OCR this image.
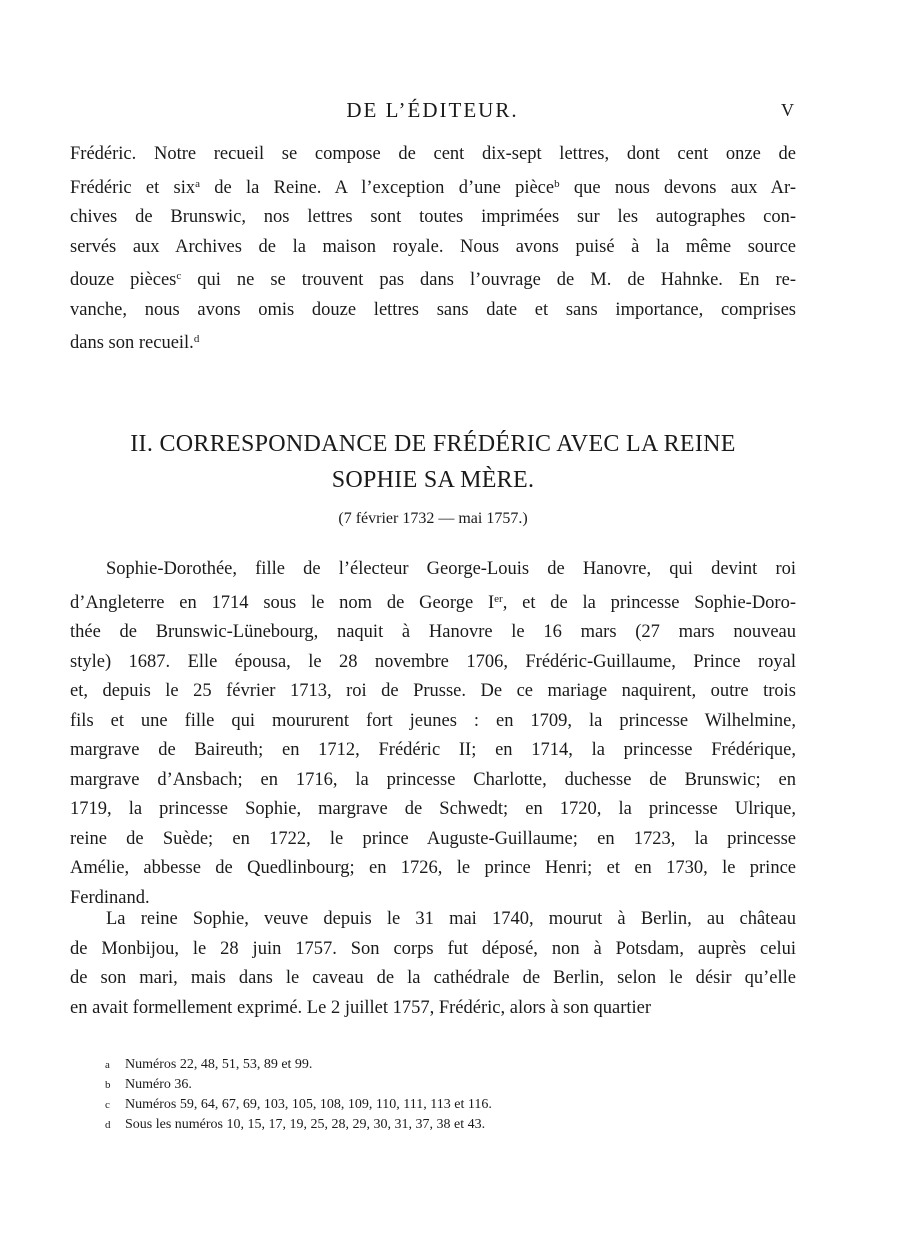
DE L’ÉDITEUR.	V

Frédéric. Notre recueil se compose de cent dix-sept lettres, dont cent onze de
Frédéric et six$^a$ de la Reine. A l’exception d’une pièce$^b$ que nous devons aux Ar-
chives de Brunswic, nos lettres sont toutes imprimées sur les autographes con-
servés aux Archives de la maison royale. Nous avons puisé à la même source
douze pièces$^c$ qui ne se trouvent pas dans l’ouvrage de M. de Hahnke. En re-
vanche, nous avons omis douze lettres sans date et sans importance, comprises
dans son recueil.$^d$

II. CORRESPONDANCE DE FRÉDÉRIC AVEC LA REINE
SOPHIE SA MÈRE.
(7 février 1732 — mai 1757.)

Sophie-Dorothée, fille de l’électeur George-Louis de Hanovre, qui devint roi
d’Angleterre en 1714 sous le nom de George Ier, et de la princesse Sophie-Doro-
thée de Brunswic-Lünebourg, naquit à Hanovre le 16 mars (27 mars nouveau
style) 1687. Elle épousa, le 28 novembre 1706, Frédéric-Guillaume, Prince royal
et, depuis le 25 février 1713, roi de Prusse. De ce mariage naquirent, outre trois
fils et une fille qui moururent fort jeunes : en 1709, la princesse Wilhelmine,
margrave de Baireuth; en 1712, Frédéric II; en 1714, la princesse Frédérique,
margrave d’Ansbach; en 1716, la princesse Charlotte, duchesse de Brunswic; en
1719, la princesse Sophie, margrave de Schwedt; en 1720, la princesse Ulrique,
reine de Suède; en 1722, le prince Auguste-Guillaume; en 1723, la princesse
Amélie, abbesse de Quedlinbourg; en 1726, le prince Henri; et en 1730, le prince
Ferdinand.

La reine Sophie, veuve depuis le 31 mai 1740, mourut à Berlin, au château
de Monbijou, le 28 juin 1757. Son corps fut déposé, non à Potsdam, auprès celui
de son mari, mais dans le caveau de la cathédrale de Berlin, selon le désir qu’elle
en avait formellement exprimé. Le 2 juillet 1757, Frédéric, alors à son quartier

a Numéros 22, 48, 51, 53, 89 et 99.
b Numéro 36.
c Numéros 59, 64, 67, 69, 103, 105, 108, 109, 110, 111, 113 et 116.
d Sous les numéros 10, 15, 17, 19, 25, 28, 29, 30, 31, 37, 38 et 43.
